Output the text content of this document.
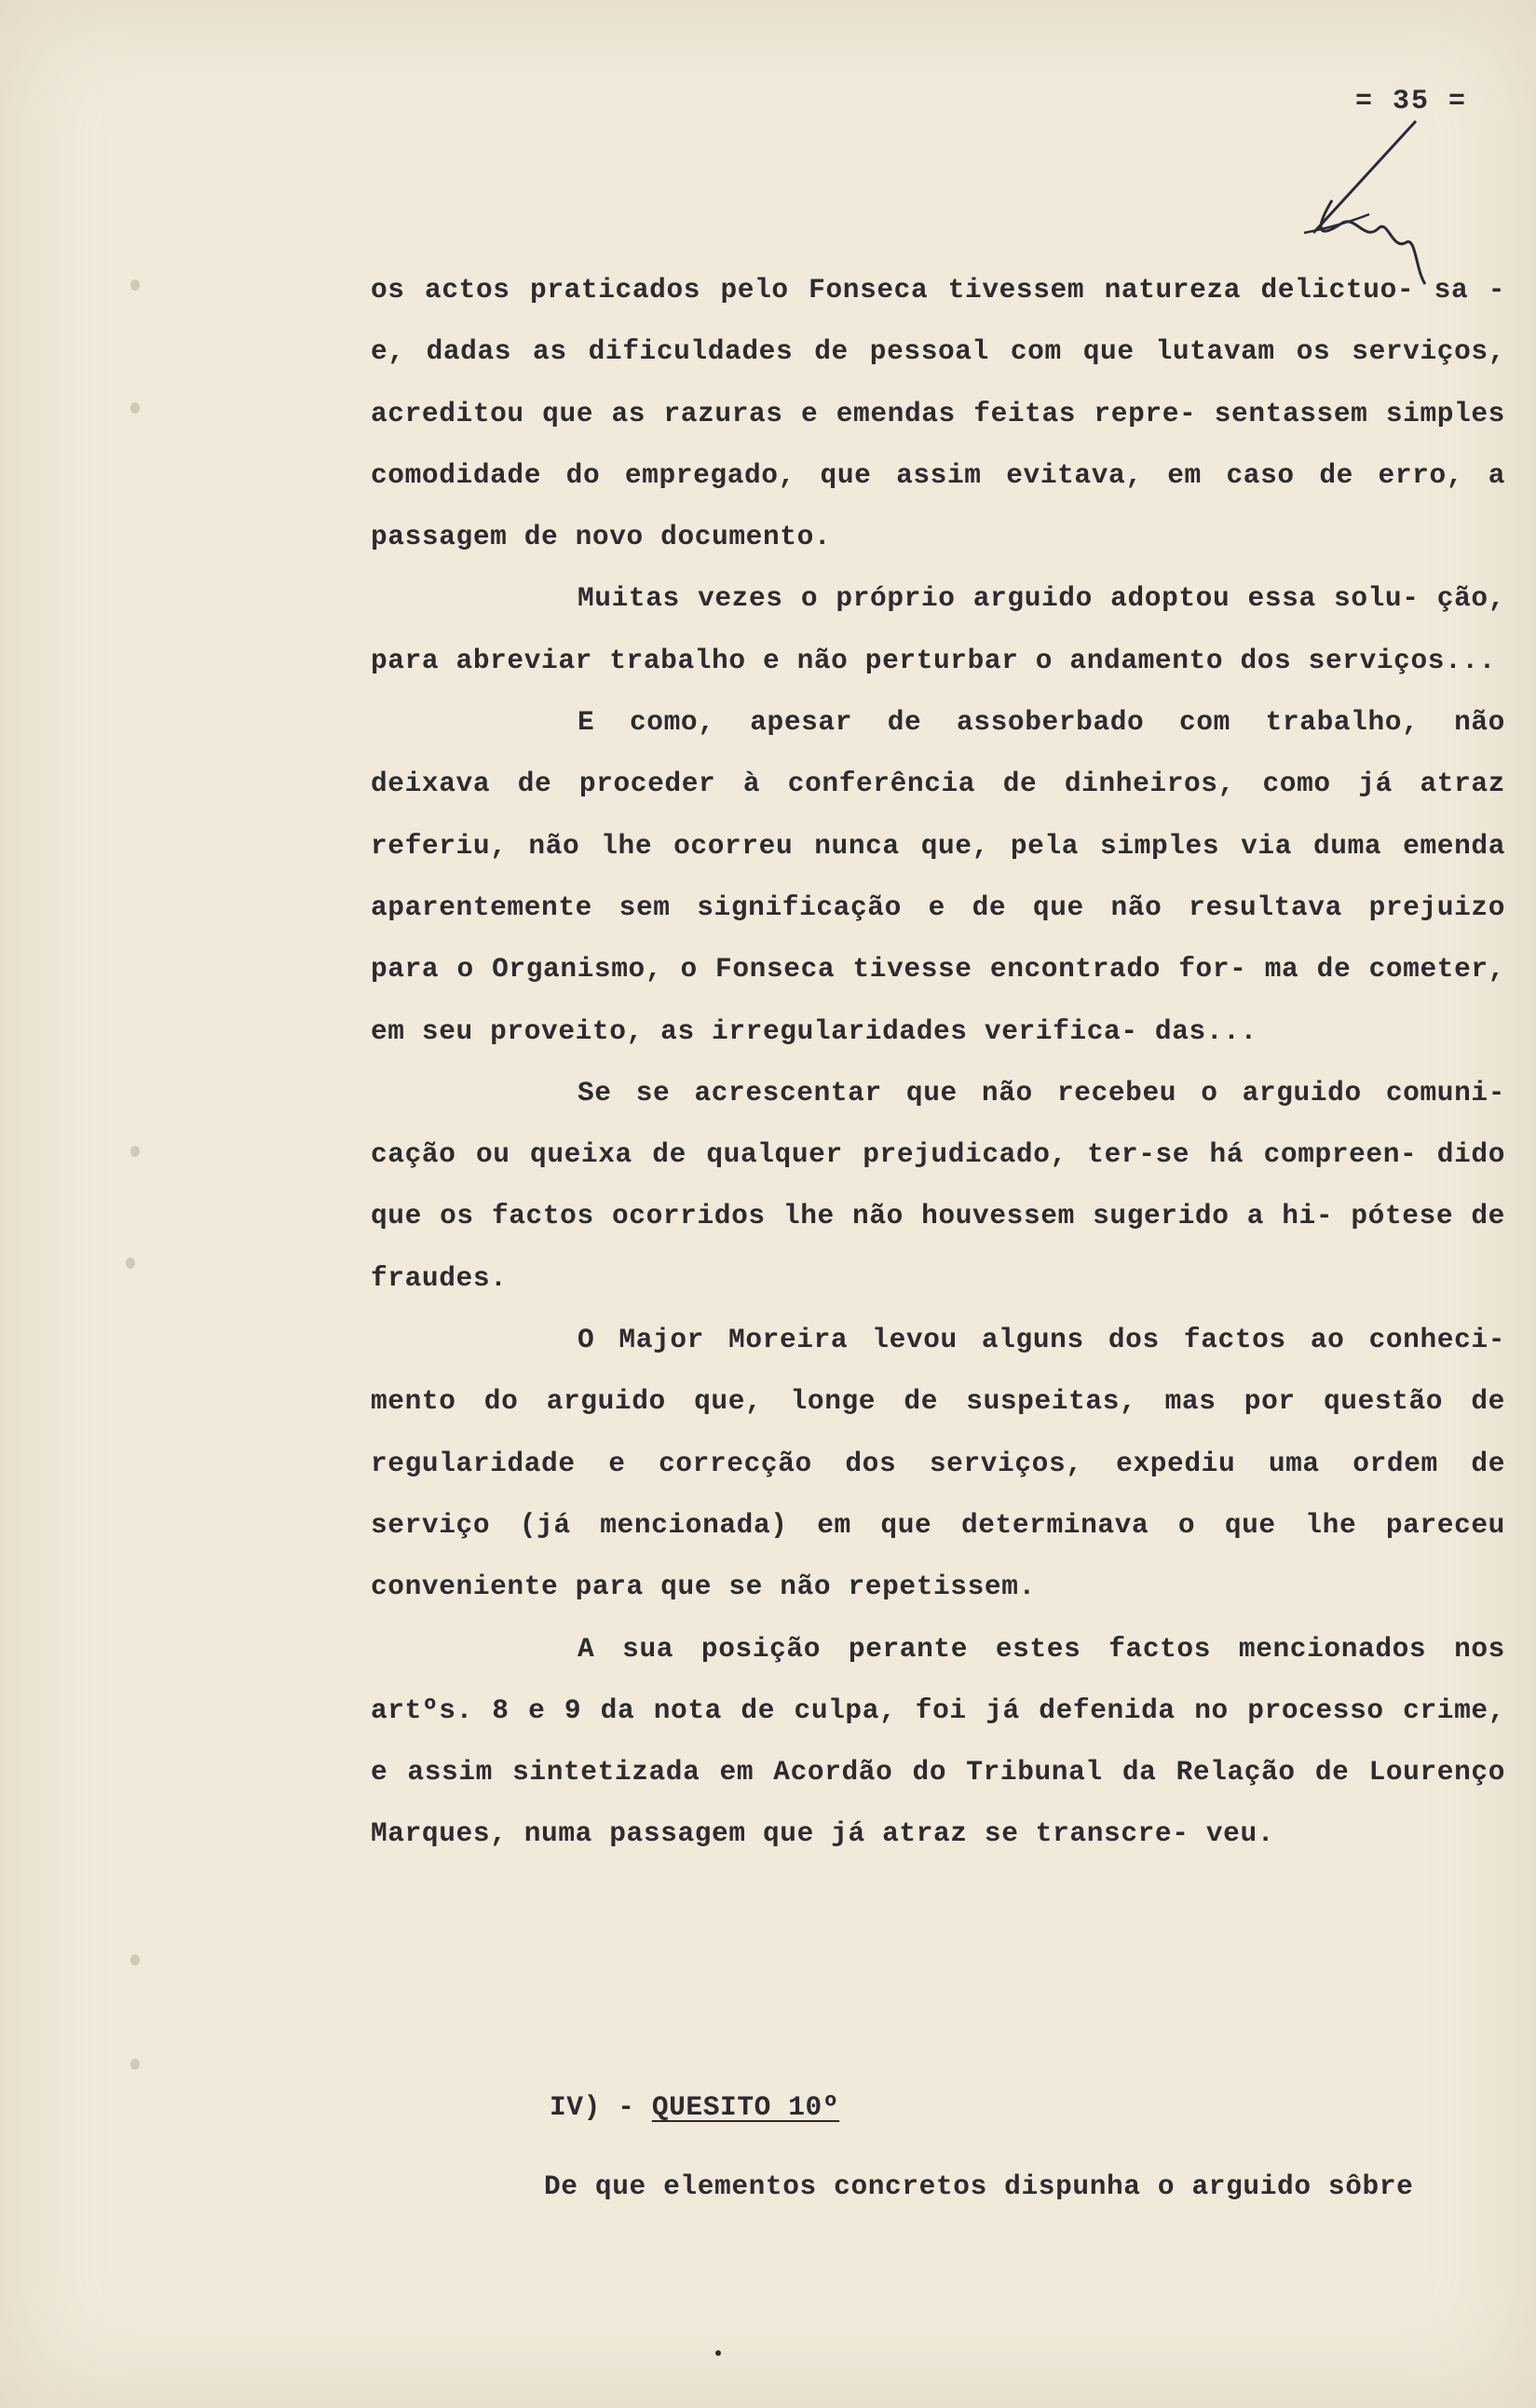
= 35 =

os actos praticados pelo Fonseca tivessem natureza delictuo- sa - e, dadas as dificuldades de pessoal com que lutavam os serviços, acreditou que as razuras e emendas feitas repre- sentassem simples comodidade do empregado, que assim evitava, em caso de erro, a passagem de novo documento.

Muitas vezes o próprio arguido adoptou essa solu- ção, para abreviar trabalho e não perturbar o andamento dos serviços...

E como, apesar de assoberbado com trabalho, não deixava de proceder à conferência de dinheiros, como já atraz referiu, não lhe ocorreu nunca que, pela simples via duma emenda aparentemente sem significação e de que não resultava prejuizo para o Organismo, o Fonseca tivesse encontrado for- ma de cometer, em seu proveito, as irregularidades verifica- das...

Se se acrescentar que não recebeu o arguido comuni- cação ou queixa de qualquer prejudicado, ter-se há compreen- dido que os factos ocorridos lhe não houvessem sugerido a hi- pótese de fraudes.

O Major Moreira levou alguns dos factos ao conheci- mento do arguido que, longe de suspeitas, mas por questão de regularidade e correcção dos serviços, expediu uma ordem de serviço (já mencionada) em que determinava o que lhe pareceu conveniente para que se não repetissem.

A sua posição perante estes factos mencionados nos artºs. 8 e 9 da nota de culpa, foi já defenida no processo crime, e assim sintetizada em Acordão do Tribunal da Relação de Lourenço Marques, numa passagem que já atraz se transcre- veu.

IV) - QUESITO 10º
De que elementos concretos dispunha o arguido sôbre
